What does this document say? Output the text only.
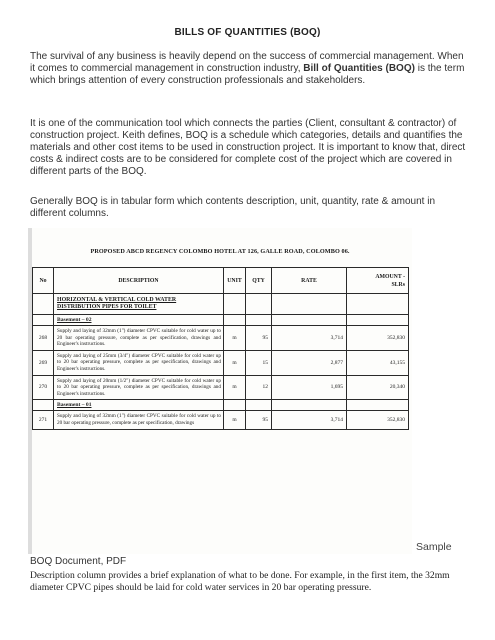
BILLS OF QUANTITIES (BOQ)

The survival of any business is heavily depend on the success of commercial management. When it comes to commercial management in construction industry, Bill of Quantities (BOQ) is the term which brings attention of every construction professionals and stakeholders.

It is one of the communication tool which connects the parties (Client, consultant & contractor) of construction project. Keith defines, BOQ is a schedule which categories, details and quantifies the materials and other cost items to be used in construction project. It is important to know that, direct costs & indirect costs are to be considered for complete cost of the project which are covered in different parts of the BOQ.

Generally BOQ is in tabular form which contents description, unit, quantity, rate & amount in different columns.

PROPOSED ABCD REGENCY COLOMBO HOTEL AT 126, GALLE ROAD, COLOMBO 06.
No	DESCRIPTION	UNIT	QTY	RATE	AMOUNT -
SLRs
	HORIZONTAL & VERTICAL COLD WATER DISTRIBUTION PIPES FOR TOILET				
	Basement – 02				
268	Supply and laying of 32mm (1") diameter CPVC suitable for cold water up to 20 bar operating pressure, complete as per specification, drawings and Engineer's instructions.	m	95	3,714	352,830
269	Supply and laying of 25mm (3/4") diameter CPVC suitable for cold water up to 20 bar operating pressure, complete as per specification, drawings and Engineer's instructions.	m	15	2,877	43,155
270	Supply and laying of 20mm (1/2") diameter CPVC suitable for cold water up to 20 bar operating pressure, complete as per specification, drawings and Engineer's instructions.	m	12	1,695	20,340
	Basement – 01				
271	Supply and laying of 32mm (1") diameter CPVC suitable for cold water up to 20 bar operating pressure, complete as per specification, drawings	m	95	3,714	352,830
Sample
BOQ Document, PDF
Description column provides a brief explanation of what to be done. For example, in the first item, the 32mm diameter CPVC pipes should be laid for cold water services in 20 bar operating pressure.
